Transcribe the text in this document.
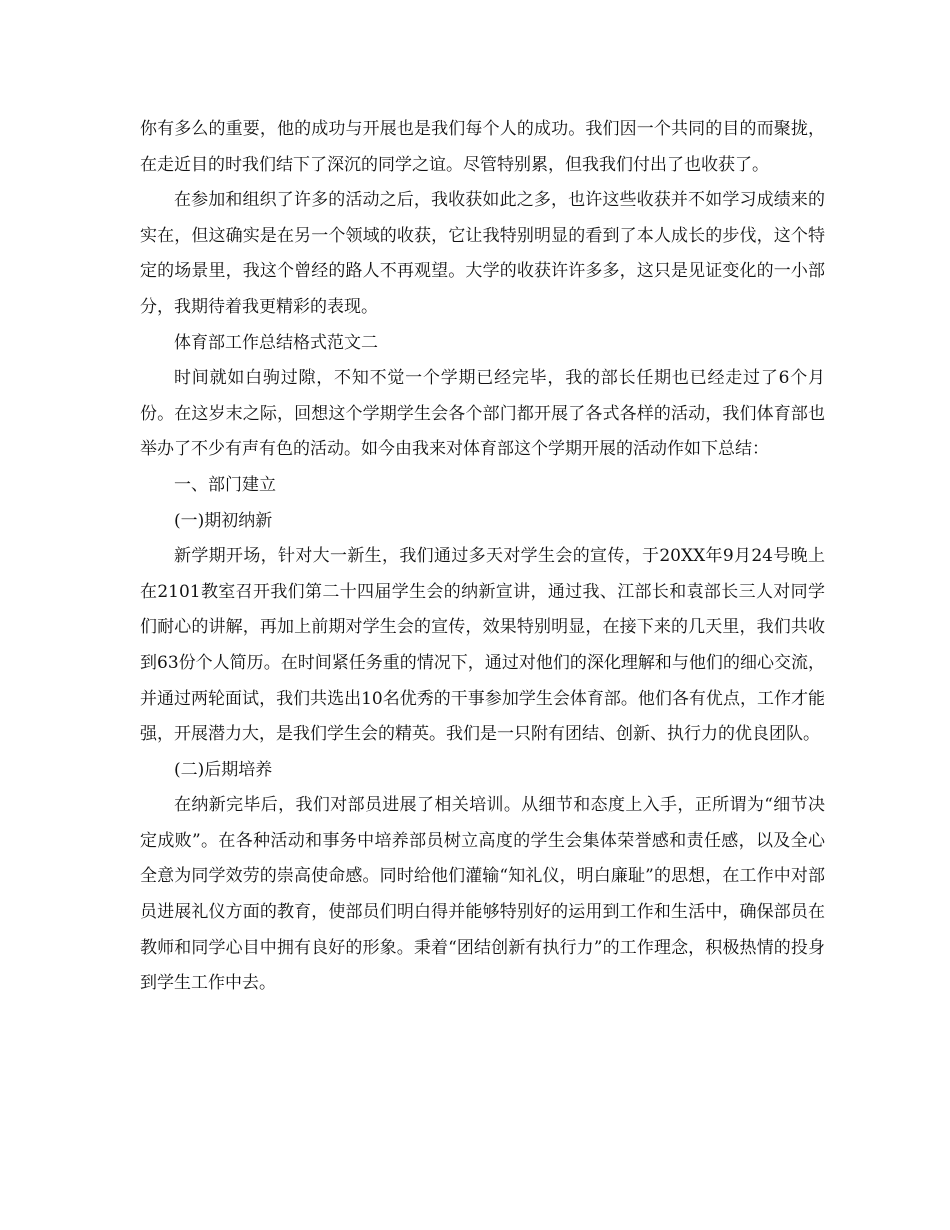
你有多么的重要，他的成功与开展也是我们每个人的成功。我们因一个共同的目的而聚拢，在走近目的时我们结下了深沉的同学之谊。尽管特别累，但我我们付出了也收获了。

在参加和组织了许多的活动之后，我收获如此之多，也许这些收获并不如学习成绩来的实在，但这确实是在另一个领域的收获，它让我特别明显的看到了本人成长的步伐，这个特定的场景里，我这个曾经的路人不再观望。大学的收获许许多多，这只是见证变化的一小部分，我期待着我更精彩的表现。

体育部工作总结格式范文二

时间就如白驹过隙，不知不觉一个学期已经完毕，我的部长任期也已经走过了6个月份。在这岁末之际，回想这个学期学生会各个部门都开展了各式各样的活动，我们体育部也举办了不少有声有色的活动。如今由我来对体育部这个学期开展的活动作如下总结：

一、部门建立

(一)期初纳新

新学期开场，针对大一新生，我们通过多天对学生会的宣传，于20XX年9月24号晚上在2101教室召开我们第二十四届学生会的纳新宣讲，通过我、江部长和袁部长三人对同学们耐心的讲解，再加上前期对学生会的宣传，效果特别明显，在接下来的几天里，我们共收到63份个人简历。在时间紧任务重的情况下，通过对他们的深化理解和与他们的细心交流，并通过两轮面试，我们共选出10名优秀的干事参加学生会体育部。他们各有优点，工作才能强，开展潜力大，是我们学生会的精英。我们是一只附有团结、创新、执行力的优良团队。

(二)后期培养

在纳新完毕后，我们对部员进展了相关培训。从细节和态度上入手，正所谓为“细节决定成败”。在各种活动和事务中培养部员树立高度的学生会集体荣誉感和责任感，以及全心全意为同学效劳的崇高使命感。同时给他们灌输“知礼仪，明白廉耻”的思想，在工作中对部员进展礼仪方面的教育，使部员们明白得并能够特别好的运用到工作和生活中，确保部员在教师和同学心目中拥有良好的形象。秉着“团结创新有执行力”的工作理念，积极热情的投身到学生工作中去。
